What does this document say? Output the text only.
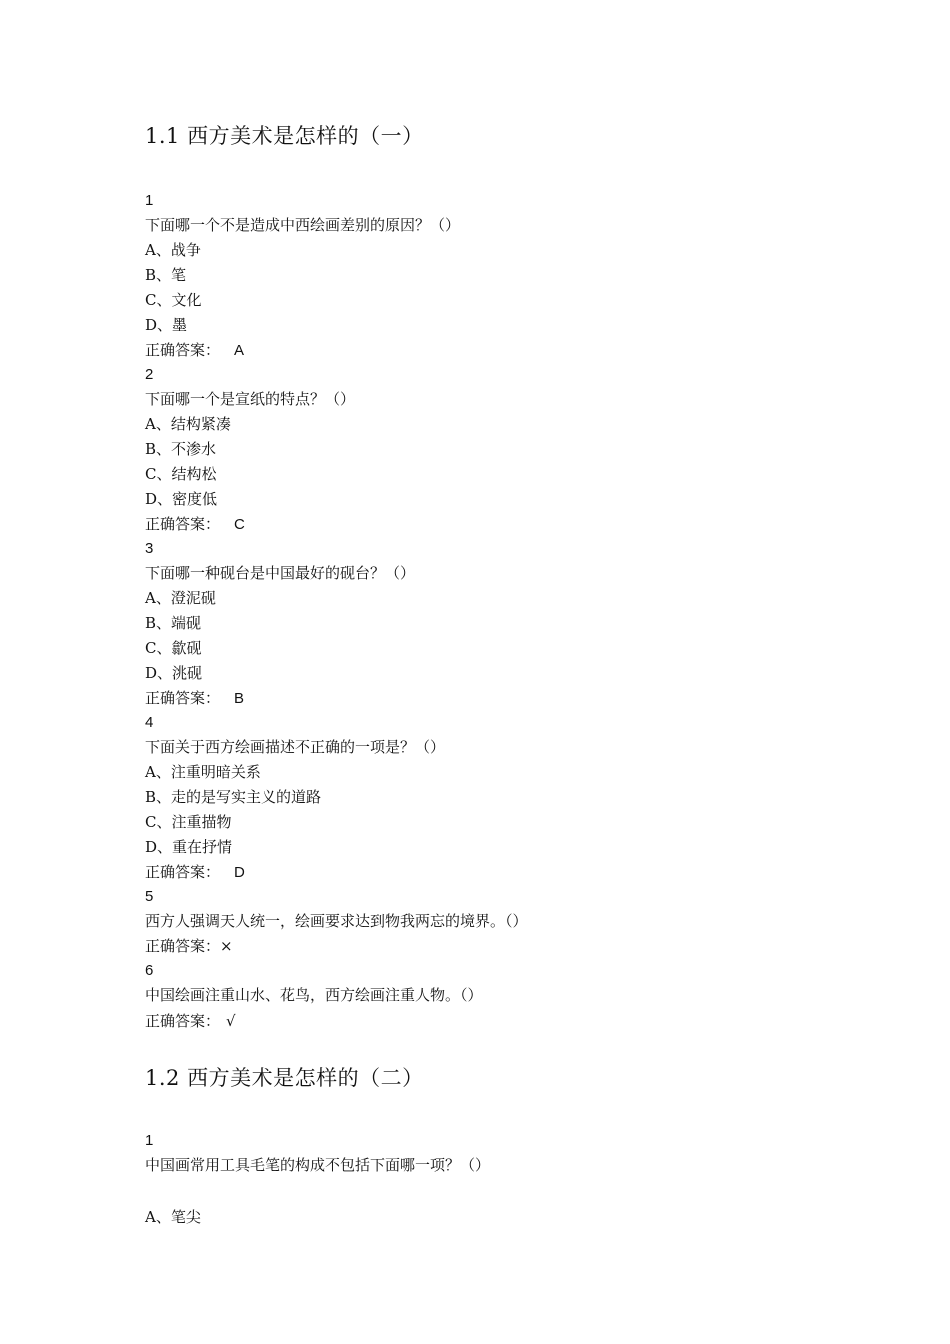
1.1 西方美术是怎样的（一）
1
下面哪一个不是造成中西绘画差别的原因？（）
A、战争
B、笔
C、文化
D、墨
正确答案： A
2
下面哪一个是宣纸的特点？（）
A、结构紧凑
B、不渗水
C、结构松
D、密度低
正确答案： C
3
下面哪一种砚台是中国最好的砚台？（）
A、澄泥砚
B、端砚
C、歙砚
D、洮砚
正确答案： B
4
下面关于西方绘画描述不正确的一项是？（）
A、注重明暗关系
B、走的是写实主义的道路
C、注重描物
D、重在抒情
正确答案： D
5
西方人强调天人统一，绘画要求达到物我两忘的境界。（）
正确答案：×
6
中国绘画注重山水、花鸟，西方绘画注重人物。（）
正确答案： √
1.2 西方美术是怎样的（二）
1
中国画常用工具毛笔的构成不包括下面哪一项？（）
A、笔尖
